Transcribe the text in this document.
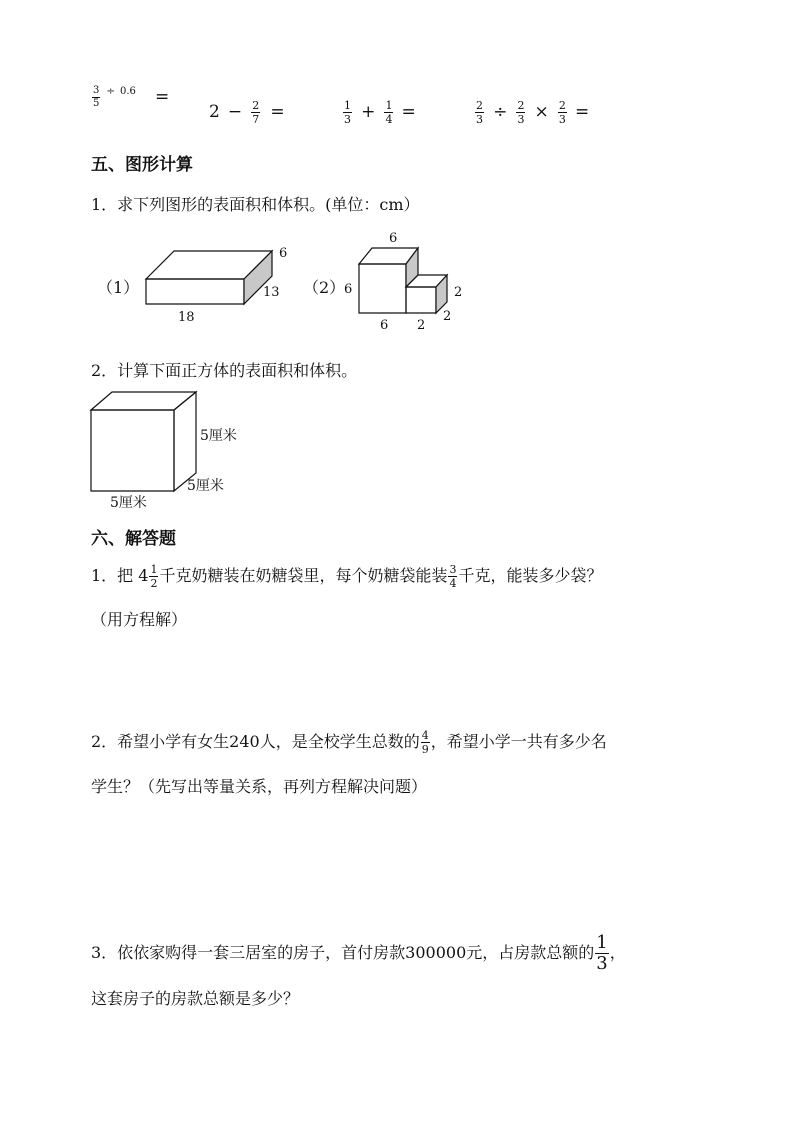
$\frac{3}{5} ^\div$ $^{0.6}$ =
$2 - \frac{2}{7}$ =	$\frac{1}{3} + \frac{1}{4}$ =	$\frac{2}{3} \div \frac{2}{3} \times \frac{2}{3}$ =
五、图形计算
1．求下列图形的表面积和体积。(单位：cm）
（1）
6
13
18
（2）
6
6
6 2
2
2
2．计算下面正方体的表面积和体积。
5厘米
5厘米
5厘米
六、解答题
1．把 $4 \frac{1}{2}$ 千克奶糖装在奶糖袋里，每个奶糖袋能装 $\frac{3}{4}$ 千克，能装多少袋？
（用方程解）
2．希望小学有女生240人，是全校学生总数的 $\frac{4}{9}$ ，希望小学一共有多少名
学生？（先写出等量关系，再列方程解决问题）
3．依依家购得一套三居室的房子，首付房款300000元，占房款总额的 $\frac{1}{3}$ ，
这套房子的房款总额是多少？
